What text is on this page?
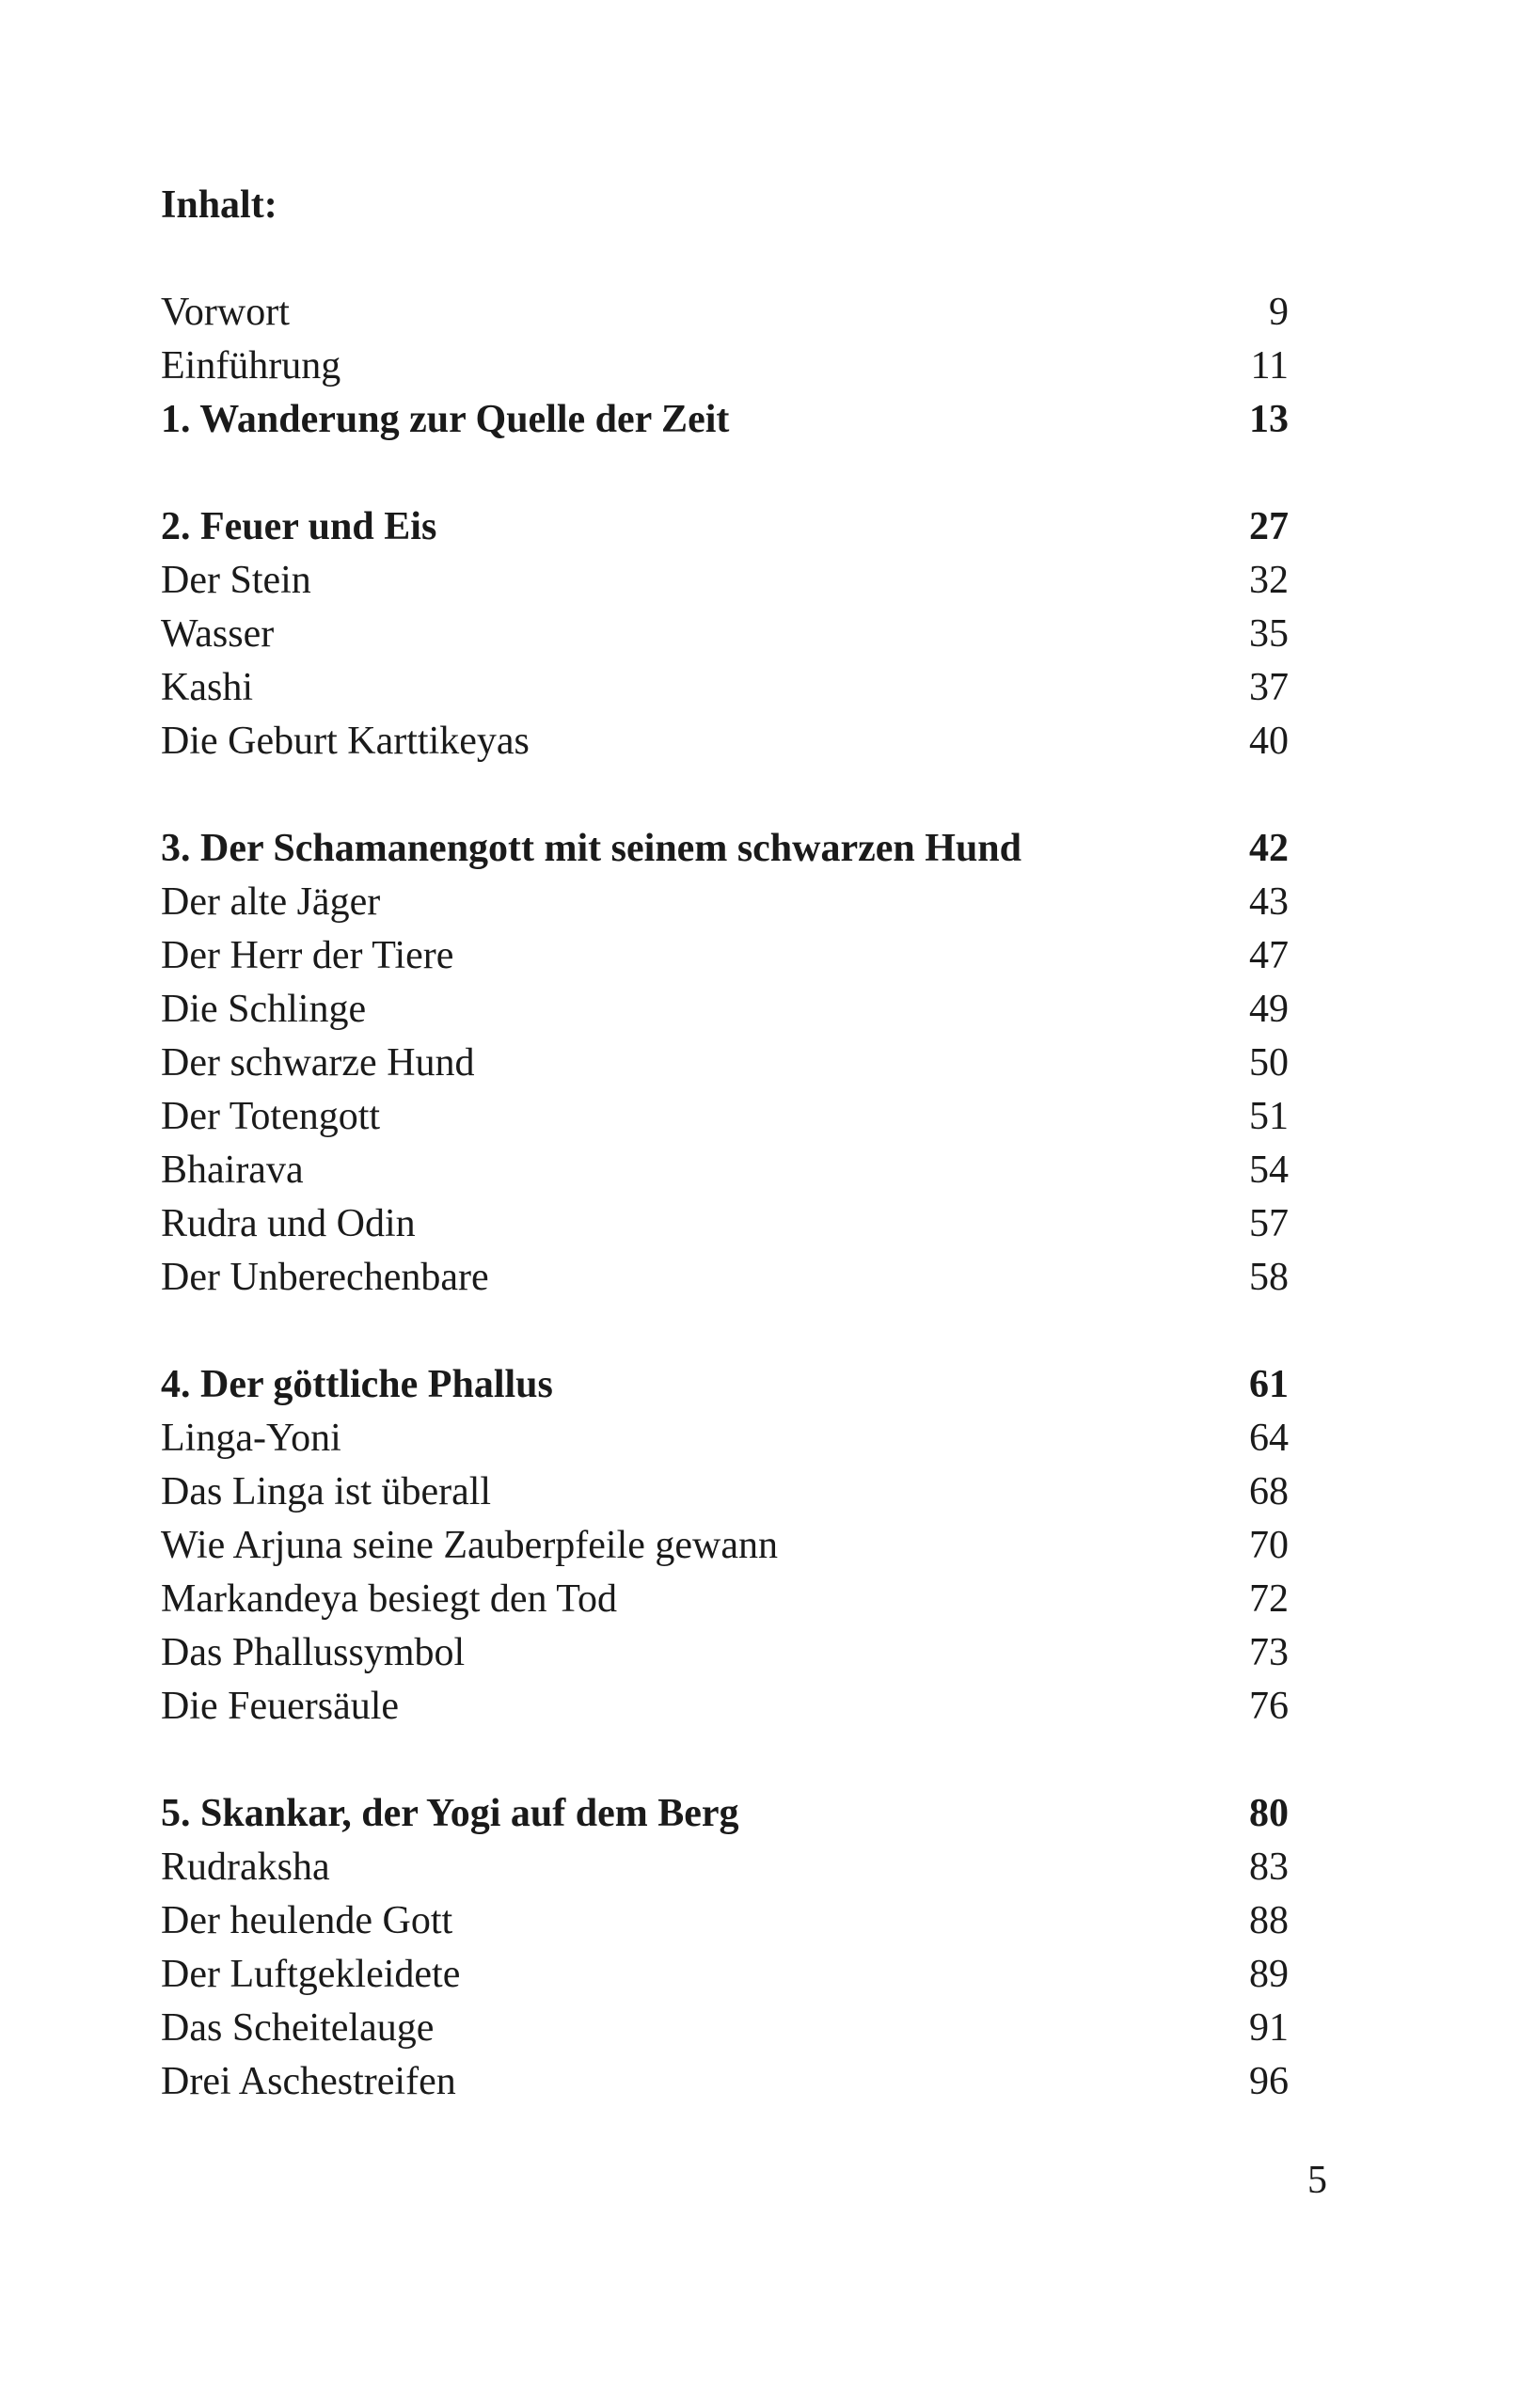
Inhalt:
Vorwort	9
Einführung	11
1. Wanderung zur Quelle der Zeit	13
2. Feuer und Eis	27
Der Stein	32
Wasser	35
Kashi	37
Die Geburt Karttikeyas	40
3. Der Schamanengott mit seinem schwarzen Hund	42
Der alte Jäger	43
Der Herr der Tiere	47
Die Schlinge	49
Der schwarze Hund	50
Der Totengott	51
Bhairava	54
Rudra und Odin	57
Der Unberechenbare	58
4. Der göttliche Phallus	61
Linga-Yoni	64
Das Linga ist überall	68
Wie Arjuna seine Zauberpfeile gewann	70
Markandeya besiegt den Tod	72
Das Phallussymbol	73
Die Feuersäule	76
5. Skankar, der Yogi auf dem Berg	80
Rudraksha	83
Der heulende Gott	88
Der Luftgekleidete	89
Das Scheitelauge	91
Drei Aschestreifen	96
5
